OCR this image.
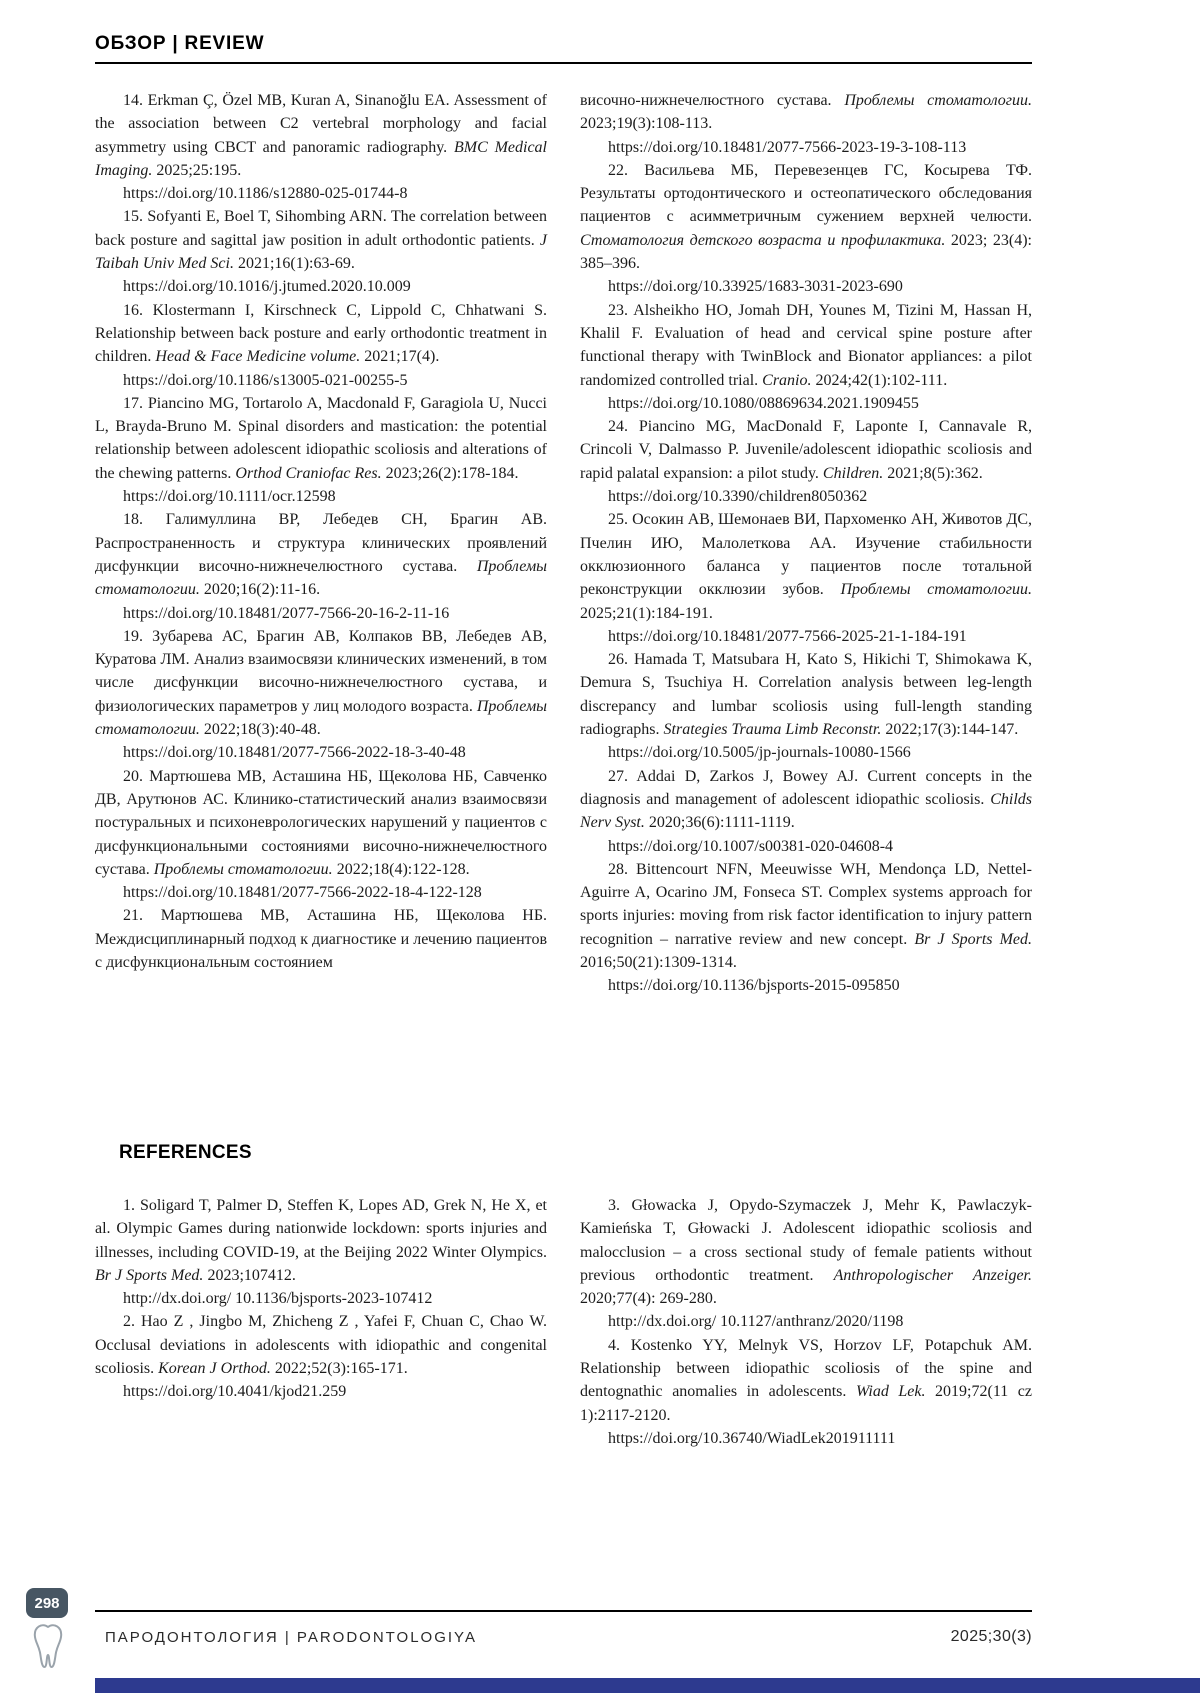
ОБЗОР | REVIEW

14. Erkman Ç, Özel MB, Kuran A, Sinanoğlu EA. Assessment of the association between C2 vertebral morphology and facial asymmetry using CBCT and panoramic radiography. BMC Medical Imaging. 2025;25:195.

https://doi.org/10.1186/s12880-025-01744-8

15. Sofyanti E, Boel T, Sihombing ARN. The correlation between back posture and sagittal jaw position in adult orthodontic patients. J Taibah Univ Med Sci. 2021;16(1):63-69.

https://doi.org/10.1016/j.jtumed.2020.10.009

16. Klostermann I, Kirschneck C, Lippold C, Chhatwani S. Relationship between back posture and early orthodontic treatment in children. Head & Face Medicine volume. 2021;17(4).

https://doi.org/10.1186/s13005-021-00255-5

17. Piancino MG, Tortarolo A, Macdonald F, Garagiola U, Nucci L, Brayda-Bruno M. Spinal disorders and mastication: the potential relationship between adolescent idiopathic scoliosis and alterations of the chewing patterns. Orthod Craniofac Res. 2023;26(2):178-184.

https://doi.org/10.1111/ocr.12598

18. Галимуллина ВР, Лебедев СН, Брагин АВ. Распространенность и структура клинических проявлений дисфункции височно-нижнечелюстного сустава. Проблемы стоматологии. 2020;16(2):11-16.

https://doi.org/10.18481/2077-7566-20-16-2-11-16

19. Зубарева АС, Брагин АВ, Колпаков ВВ, Лебедев АВ, Куратова ЛМ. Анализ взаимосвязи клинических изменений, в том числе дисфункции височно-нижнечелюстного сустава, и физиологических параметров у лиц молодого возраста. Проблемы стоматологии. 2022;18(3):40-48.

https://doi.org/10.18481/2077-7566-2022-18-3-40-48

20. Мартюшева МВ, Асташина НБ, Щеколова НБ, Савченко ДВ, Арутюнов АС. Клинико-статистический анализ взаимосвязи постуральных и психоневрологических нарушений у пациентов с дисфункциональными состояниями височно-нижнечелюстного сустава. Проблемы стоматологии. 2022;18(4):122-128.

https://doi.org/10.18481/2077-7566-2022-18-4-122-128

21. Мартюшева МВ, Асташина НБ, Щеколова НБ. Междисциплинарный подход к диагностике и лечению пациентов с дисфункциональным состоянием

височно-нижнечелюстного сустава. Проблемы стоматологии. 2023;19(3):108-113.

https://doi.org/10.18481/2077-7566-2023-19-3-108-113

22. Васильева МБ, Перевезенцев ГС, Косырева ТФ. Результаты ортодонтического и остеопатического обследования пациентов с асимметричным сужением верхней челюсти. Стоматология детского возраста и профилактика. 2023; 23(4): 385–396.

https://doi.org/10.33925/1683-3031-2023-690

23. Alsheikho HO, Jomah DH, Younes M, Tizini M, Hassan H, Khalil F. Evaluation of head and cervical spine posture after functional therapy with TwinBlock and Bionator appliances: a pilot randomized controlled trial. Cranio. 2024;42(1):102-111.

https://doi.org/10.1080/08869634.2021.1909455

24. Piancino MG, MacDonald F, Laponte I, Cannavale R, Crincoli V, Dalmasso P. Juvenile/adolescent idiopathic scoliosis and rapid palatal expansion: a pilot study. Children. 2021;8(5):362.

https://doi.org/10.3390/children8050362

25. Осокин АВ, Шемонаев ВИ, Пархоменко АН, Животов ДС, Пчелин ИЮ, Малолеткова АА. Изучение стабильности окклюзионного баланса у пациентов после тотальной реконструкции окклюзии зубов. Проблемы стоматологии. 2025;21(1):184-191.

https://doi.org/10.18481/2077-7566-2025-21-1-184-191

26. Hamada T, Matsubara H, Kato S, Hikichi T, Shimokawa K, Demura S, Tsuchiya H. Correlation analysis between leg-length discrepancy and lumbar scoliosis using full-length standing radiographs. Strategies Trauma Limb Reconstr. 2022;17(3):144-147.

https://doi.org/10.5005/jp-journals-10080-1566

27. Addai D, Zarkos J, Bowey AJ. Current concepts in the diagnosis and management of adolescent idiopathic scoliosis. Childs Nerv Syst. 2020;36(6):1111-1119.

https://doi.org/10.1007/s00381-020-04608-4

28. Bittencourt NFN, Meeuwisse WH, Mendonça LD, Nettel-Aguirre A, Ocarino JM, Fonseca ST. Complex systems approach for sports injuries: moving from risk factor identification to injury pattern recognition – narrative review and new concept. Br J Sports Med. 2016;50(21):1309-1314.

https://doi.org/10.1136/bjsports-2015-095850

REFERENCES

1. Soligard T, Palmer D, Steffen K, Lopes AD, Grek N, He X, et al. Olympic Games during nationwide lockdown: sports injuries and illnesses, including COVID-19, at the Beijing 2022 Winter Olympics. Br J Sports Med. 2023;107412.

http://dx.doi.org/ 10.1136/bjsports-2023-107412

2. Hao Z , Jingbo M, Zhicheng Z , Yafei F, Chuan C, Chao W. Occlusal deviations in adolescents with idiopathic and congenital scoliosis. Korean J Orthod. 2022;52(3):165-171.

https://doi.org/10.4041/kjod21.259

3. Głowacka J, Opydo-Szymaczek J, Mehr K, Pawlaczyk-Kamieńska T, Głowacki J. Adolescent idiopathic scoliosis and malocclusion – a cross sectional study of female patients without previous orthodontic treatment. Anthropologischer Anzeiger. 2020;77(4): 269-280.

http://dx.doi.org/ 10.1127/anthranz/2020/1198

4. Kostenko YY, Melnyk VS, Horzov LF, Potapchuk AM. Relationship between idiopathic scoliosis of the spine and dentognathic anomalies in adolescents. Wiad Lek. 2019;72(11 cz 1):2117-2120.

https://doi.org/10.36740/WiadLek201911111

298
ПАРОДОНТОЛОГИЯ | PARODONTOLOGIYA	2025;30(3)
